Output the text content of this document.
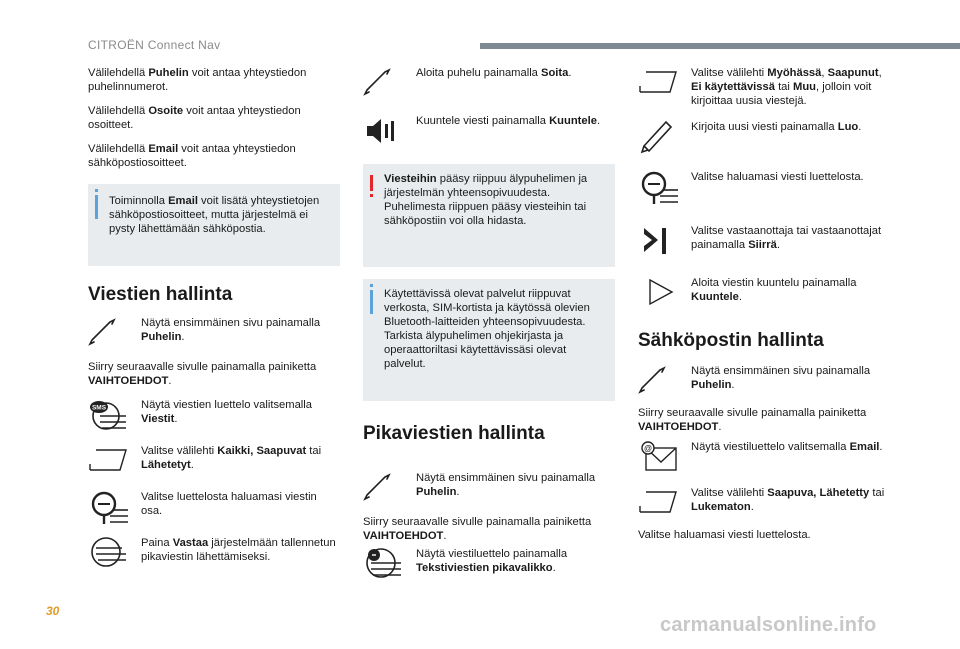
CITROËN Connect Nav

Välilehdellä Puhelin voit antaa yhteystiedon puhelinnumerot.

Välilehdellä Osoite voit antaa yhteystiedon osoitteet.

Välilehdellä Email voit antaa yhteystiedon sähköpostiosoitteet.

Toiminnolla Email voit lisätä yhteystietojen sähköpostiosoitteet, mutta järjestelmä ei pysty lähettämään sähköpostia.
Viestien hallinta
Näytä ensimmäinen sivu painamalla Puhelin.

Siirry seuraavalle sivulle painamalla painiketta VAIHTOEHDOT.

SMS	Näytä viestien luettelo valitsemalla Viestit.
Valitse välilehti Kaikki, Saapuvat tai Lähetetyt.
Valitse luettelosta haluamasi viestin osa.
Paina Vastaa järjestelmään tallennetun pikaviestin lähettämiseksi.
Aloita puhelu painamalla Soita.
Kuuntele viesti painamalla Kuuntele.
Viesteihin pääsy riippuu älypuhelimen ja järjestelmän yhteensopivuudesta. Puhelimesta riippuen pääsy viesteihin tai sähköpostiin voi olla hidasta.
Käytettävissä olevat palvelut riippuvat verkosta, SIM-kortista ja käytössä olevien Bluetooth-laitteiden yhteensopivuudesta. Tarkista älypuhelimen ohjekirjasta ja operaattoriltasi käytettävissäsi olevat palvelut.
Pikaviestien hallinta
Näytä ensimmäinen sivu painamalla Puhelin.

Siirry seuraavalle sivulle painamalla painiketta VAIHTOEHDOT.

Näytä viestiluettelo painamalla Tekstiviestien pikavalikko.
Valitse välilehti Myöhässä, Saapunut, Ei käytettävissä tai Muu, jolloin voit kirjoittaa uusia viestejä.
Kirjoita uusi viesti painamalla Luo.
Valitse haluamasi viesti luettelosta.
Valitse vastaanottaja tai vastaanottajat painamalla Siirrä.
Aloita viestin kuuntelu painamalla Kuuntele.
Sähköpostin hallinta
Näytä ensimmäinen sivu painamalla Puhelin.

Siirry seuraavalle sivulle painamalla painiketta VAIHTOEHDOT.

@	Näytä viestiluettelo valitsemalla Email.
Valitse välilehti Saapuva, Lähetetty tai Lukematon.

Valitse haluamasi viesti luettelosta.

30
carmanualsonline.info
